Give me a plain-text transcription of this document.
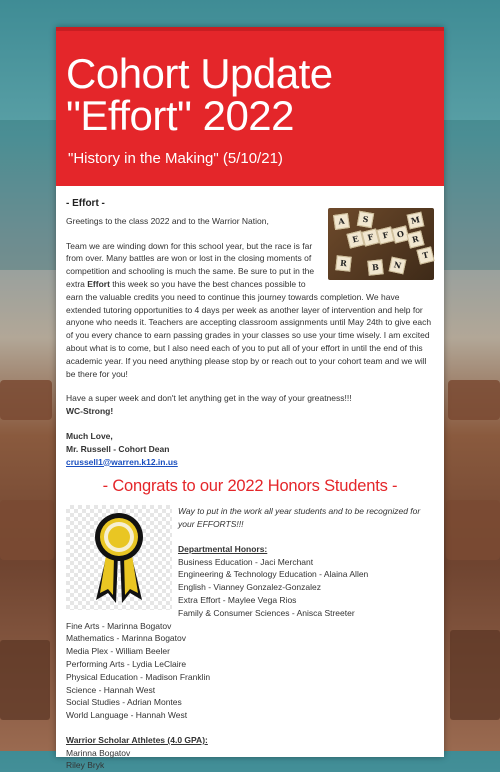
Cohort Update "Effort" 2022
"History in the Making" (5/10/21)
- Effort -
A	S	M
E F F O R
T
R	B	N

Greetings to the class 2022 and to the Warrior Nation,

Team we are winding down for this school year, but the race is far from over. Many battles are won or lost in the closing moments of competition and schooling is much the same. Be sure to put in the extra Effort this week so you have the best chances possible to earn the valuable credits you need to continue this journey towards completion. We have extended tutoring opportunities to 4 days per week as another layer of intervention and help for anyone who needs it. Teachers are accepting classroom assignments until May 24th to give each of you every chance to earn passing grades in your classes so use your time wisely. I am excited about what is to come, but I also need each of you to put all of your effort in until the end of this academic year. If you need anything please stop by or reach out to your cohort team and we will be there for you!

Have a super week and don't let anything get in the way of your greatness!!!
WC-Strong!

Much Love,
Mr. Russell - Cohort Dean
crussell1@warren.k12.in.us

- Congrats to our 2022 Honors Students -
Way to put in the work all year students and to be recognized for your EFFORTS!!!
Departmental Honors:
Business Education - Jaci Merchant
Engineering & Technology Education - Alaina Allen
English - Vianney Gonzalez-Gonzalez
Extra Effort - Maylee Vega Rios
Family & Consumer Sciences - Anisca Streeter
Fine Arts - Marinna Bogatov
Mathematics - Marinna Bogatov
Media Plex - William Beeler
Performing Arts - Lydia LeClaire
Physical Education - Madison Franklin
Science - Hannah West
Social Studies - Adrian Montes
World Language - Hannah West
Warrior Scholar Athletes (4.0 GPA):
Marinna Bogatov
Riley Bryk
